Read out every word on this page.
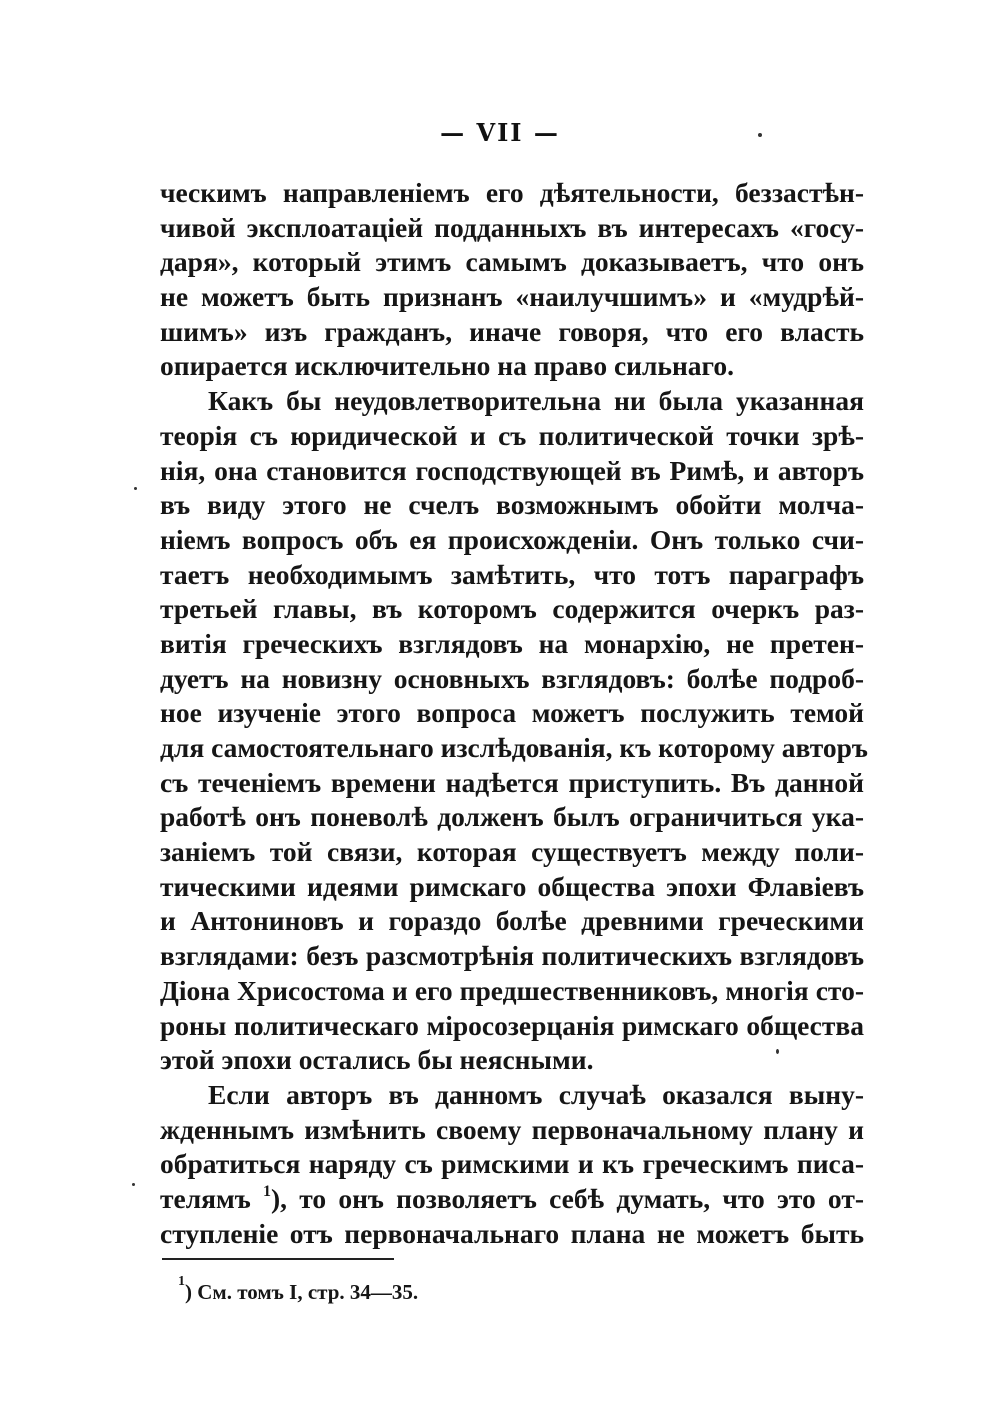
— VII —
ческимъ направленіемъ его дѣятельности, беззастѣн-
чивой эксплоатаціей подданныхъ въ интересахъ «госу-
даря», который этимъ самымъ доказываетъ, что онъ
не можетъ быть признанъ «наилучшимъ» и «мудрѣй-
шимъ» изъ гражданъ, иначе говоря, что его власть
опирается исключительно на право сильнаго.
Какъ бы неудовлетворительна ни была указанная
теорія съ юридической и съ политической точки зрѣ-
нія, она становится господствующей въ Римѣ, и авторъ
въ виду этого не счелъ возможнымъ обойти молча-
ніемъ вопросъ объ ея происхожденіи. Онъ только счи-
таетъ необходимымъ замѣтить, что тотъ параграфъ
третьей главы, въ которомъ содержится очеркъ раз-
витія греческихъ взглядовъ на монархію, не претен-
дуетъ на новизну основныхъ взглядовъ: болѣе подроб-
ное изученіе этого вопроса можетъ послужить темой
для самостоятельнаго изслѣдованія, къ которому авторъ
съ теченіемъ времени надѣется приступить. Въ данной
работѣ онъ поневолѣ долженъ былъ ограничиться ука-
заніемъ той связи, которая существуетъ между поли-
тическими идеями римскаго общества эпохи Флавіевъ
и Антониновъ и гораздо болѣе древними греческими
взглядами: безъ разсмотрѣнія политическихъ взглядовъ
Діона Хрисостома и его предшественниковъ, многія сто-
роны политическаго міросозерцанія римскаго общества
этой эпохи остались бы неясными.
Если авторъ въ данномъ случаѣ оказался выну-
жденнымъ измѣнить своему первоначальному плану и
обратиться наряду съ римскими и къ греческимъ писа-
телямъ $^1$), то онъ позволяетъ себѣ думать, что это от-
ступленіе отъ первоначальнаго плана не можетъ быть
$^1$) См. томъ I, стр. 34—35.
